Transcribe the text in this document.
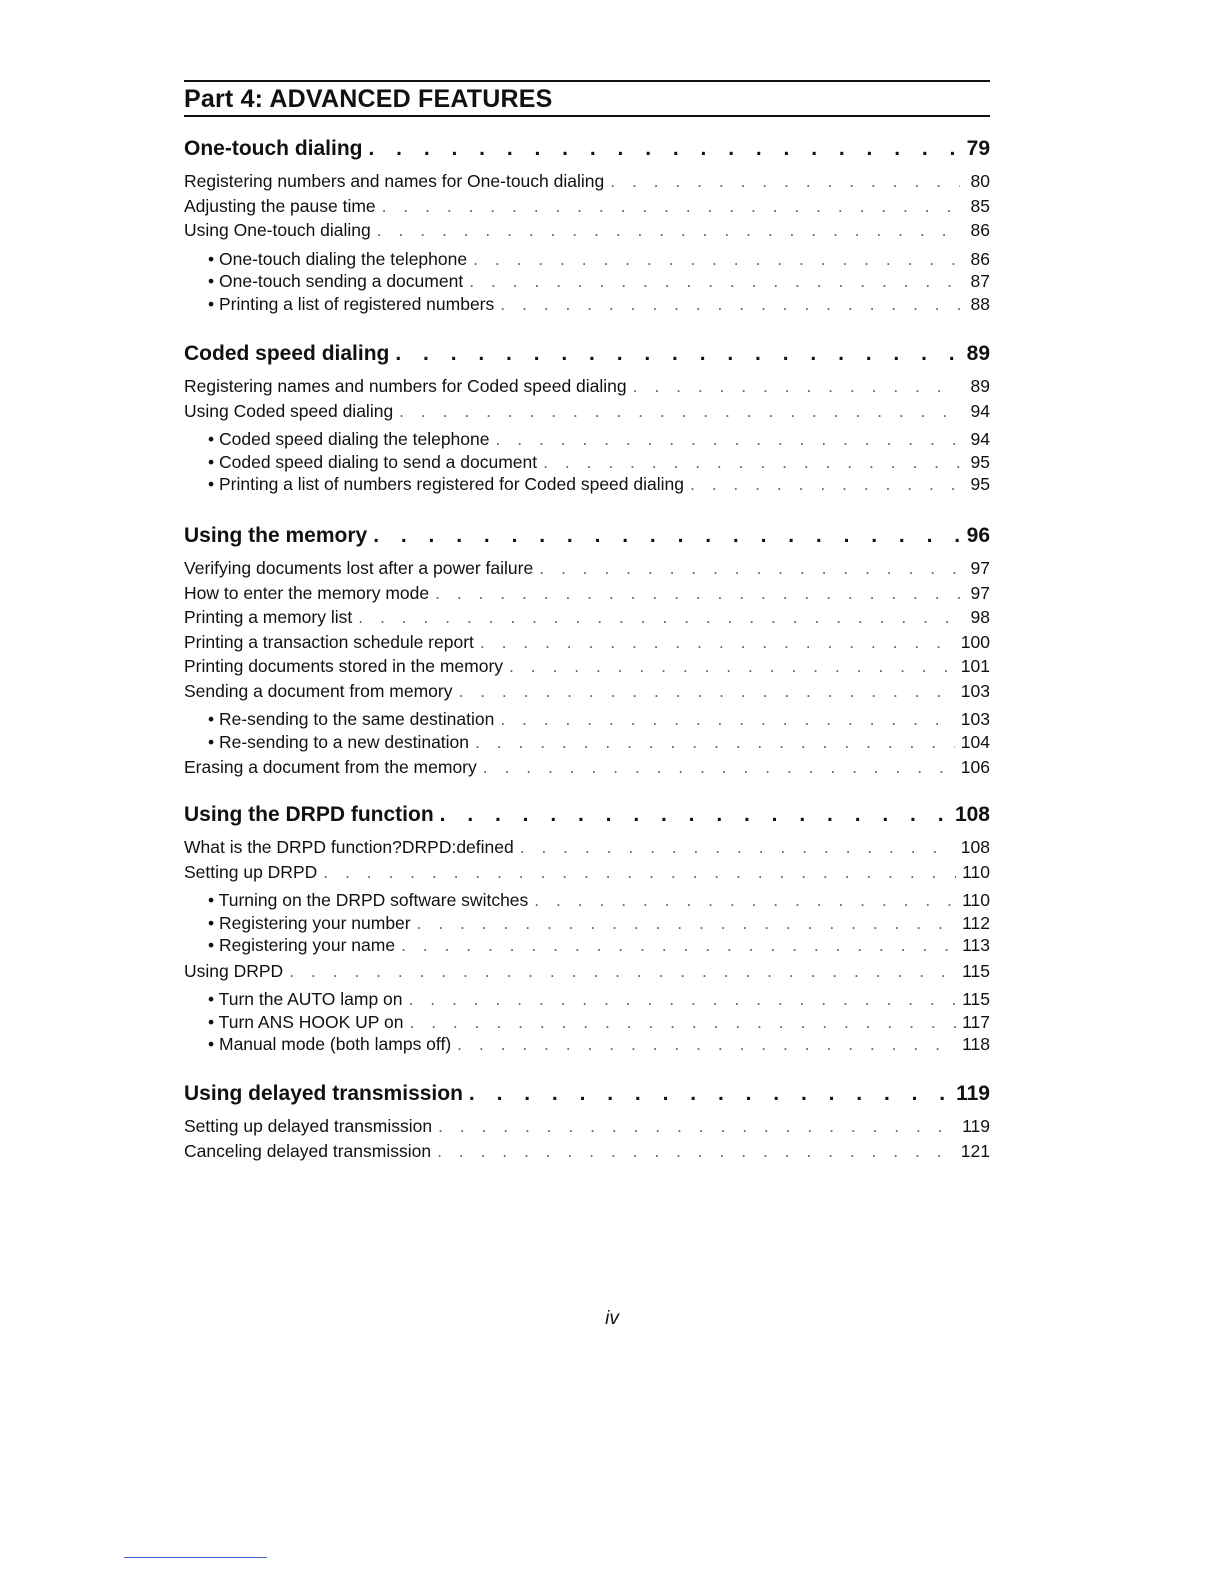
Part 4: ADVANCED FEATURES
One-touch dialing . . .	79
Registering numbers and names for One-touch dialing . . .	80
Adjusting the pause time . . .	85
Using One-touch dialing . . .	86
• One-touch dialing the telephone . . .	86
• One-touch sending a document . . .	87
• Printing a list of registered numbers . . .	88
Coded speed dialing . . .	89
Registering names and numbers for Coded speed dialing . . .	89
Using Coded speed dialing . . .	94
• Coded speed dialing the telephone . . .	94
• Coded speed dialing to send a document . . .	95
• Printing a list of numbers registered for Coded speed dialing . . .	95
Using the memory . . .	96
Verifying documents lost after a power failure . . .	97
How to enter the memory mode . . .	97
Printing a memory list . . .	98
Printing a transaction schedule report . . .	100
Printing documents stored in the memory . . .	101
Sending a document from memory . . .	103
• Re-sending to the same destination . . .	103
• Re-sending to a new destination . . .	104
Erasing a document from the memory . . .	106
Using the DRPD function . . .	108
What is the DRPD function?DRPD:defined . . .	108
Setting up DRPD . . .	110
• Turning on the DRPD software switches . . .	110
• Registering your number . . .	112
• Registering your name . . .	113
Using DRPD . . .	115
• Turn the AUTO lamp on . . .	115
• Turn ANS HOOK UP on . . .	117
• Manual mode (both lamps off) . . .	118
Using delayed transmission . . .	119
Setting up delayed transmission . . .	119
Canceling delayed transmission . . .	121
iv
